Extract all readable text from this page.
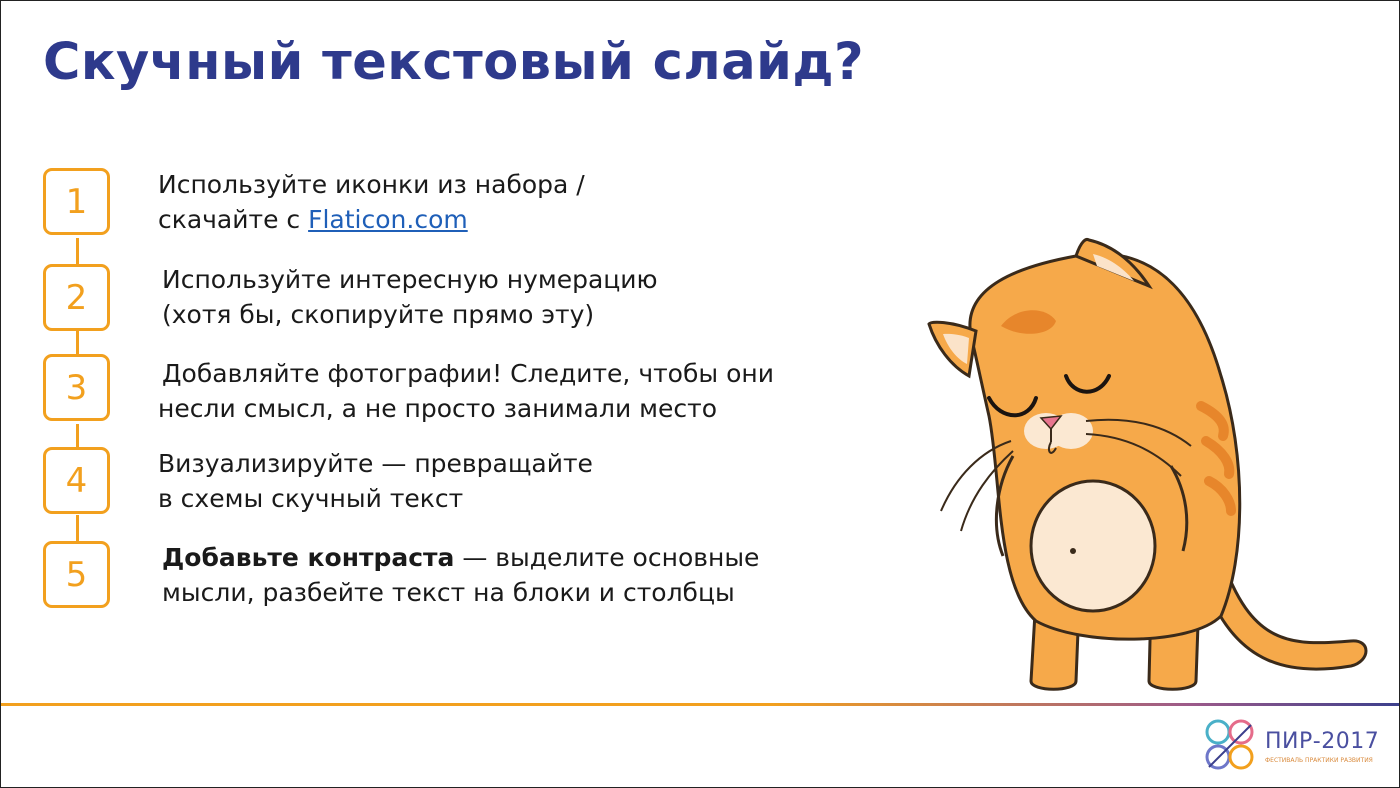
Скучный текстовый слайд?
1
2
3
4
5

Используйте иконки из набора /

скачайте с Flaticon.com

Используйте интересную нумерацию

(хотя бы, скопируйте прямо эту)

Добавляйте фотографии! Следите, чтобы они

несли смысл, а не просто занимали место

Визуализируйте — превращайте

в схемы скучный текст

Добавьте контраста — выделите основные

мысли, разбейте текст на блоки и столбцы

ПИР-2017
ФЕСТИВАЛЬ ПРАКТИКИ РАЗВИТИЯ
